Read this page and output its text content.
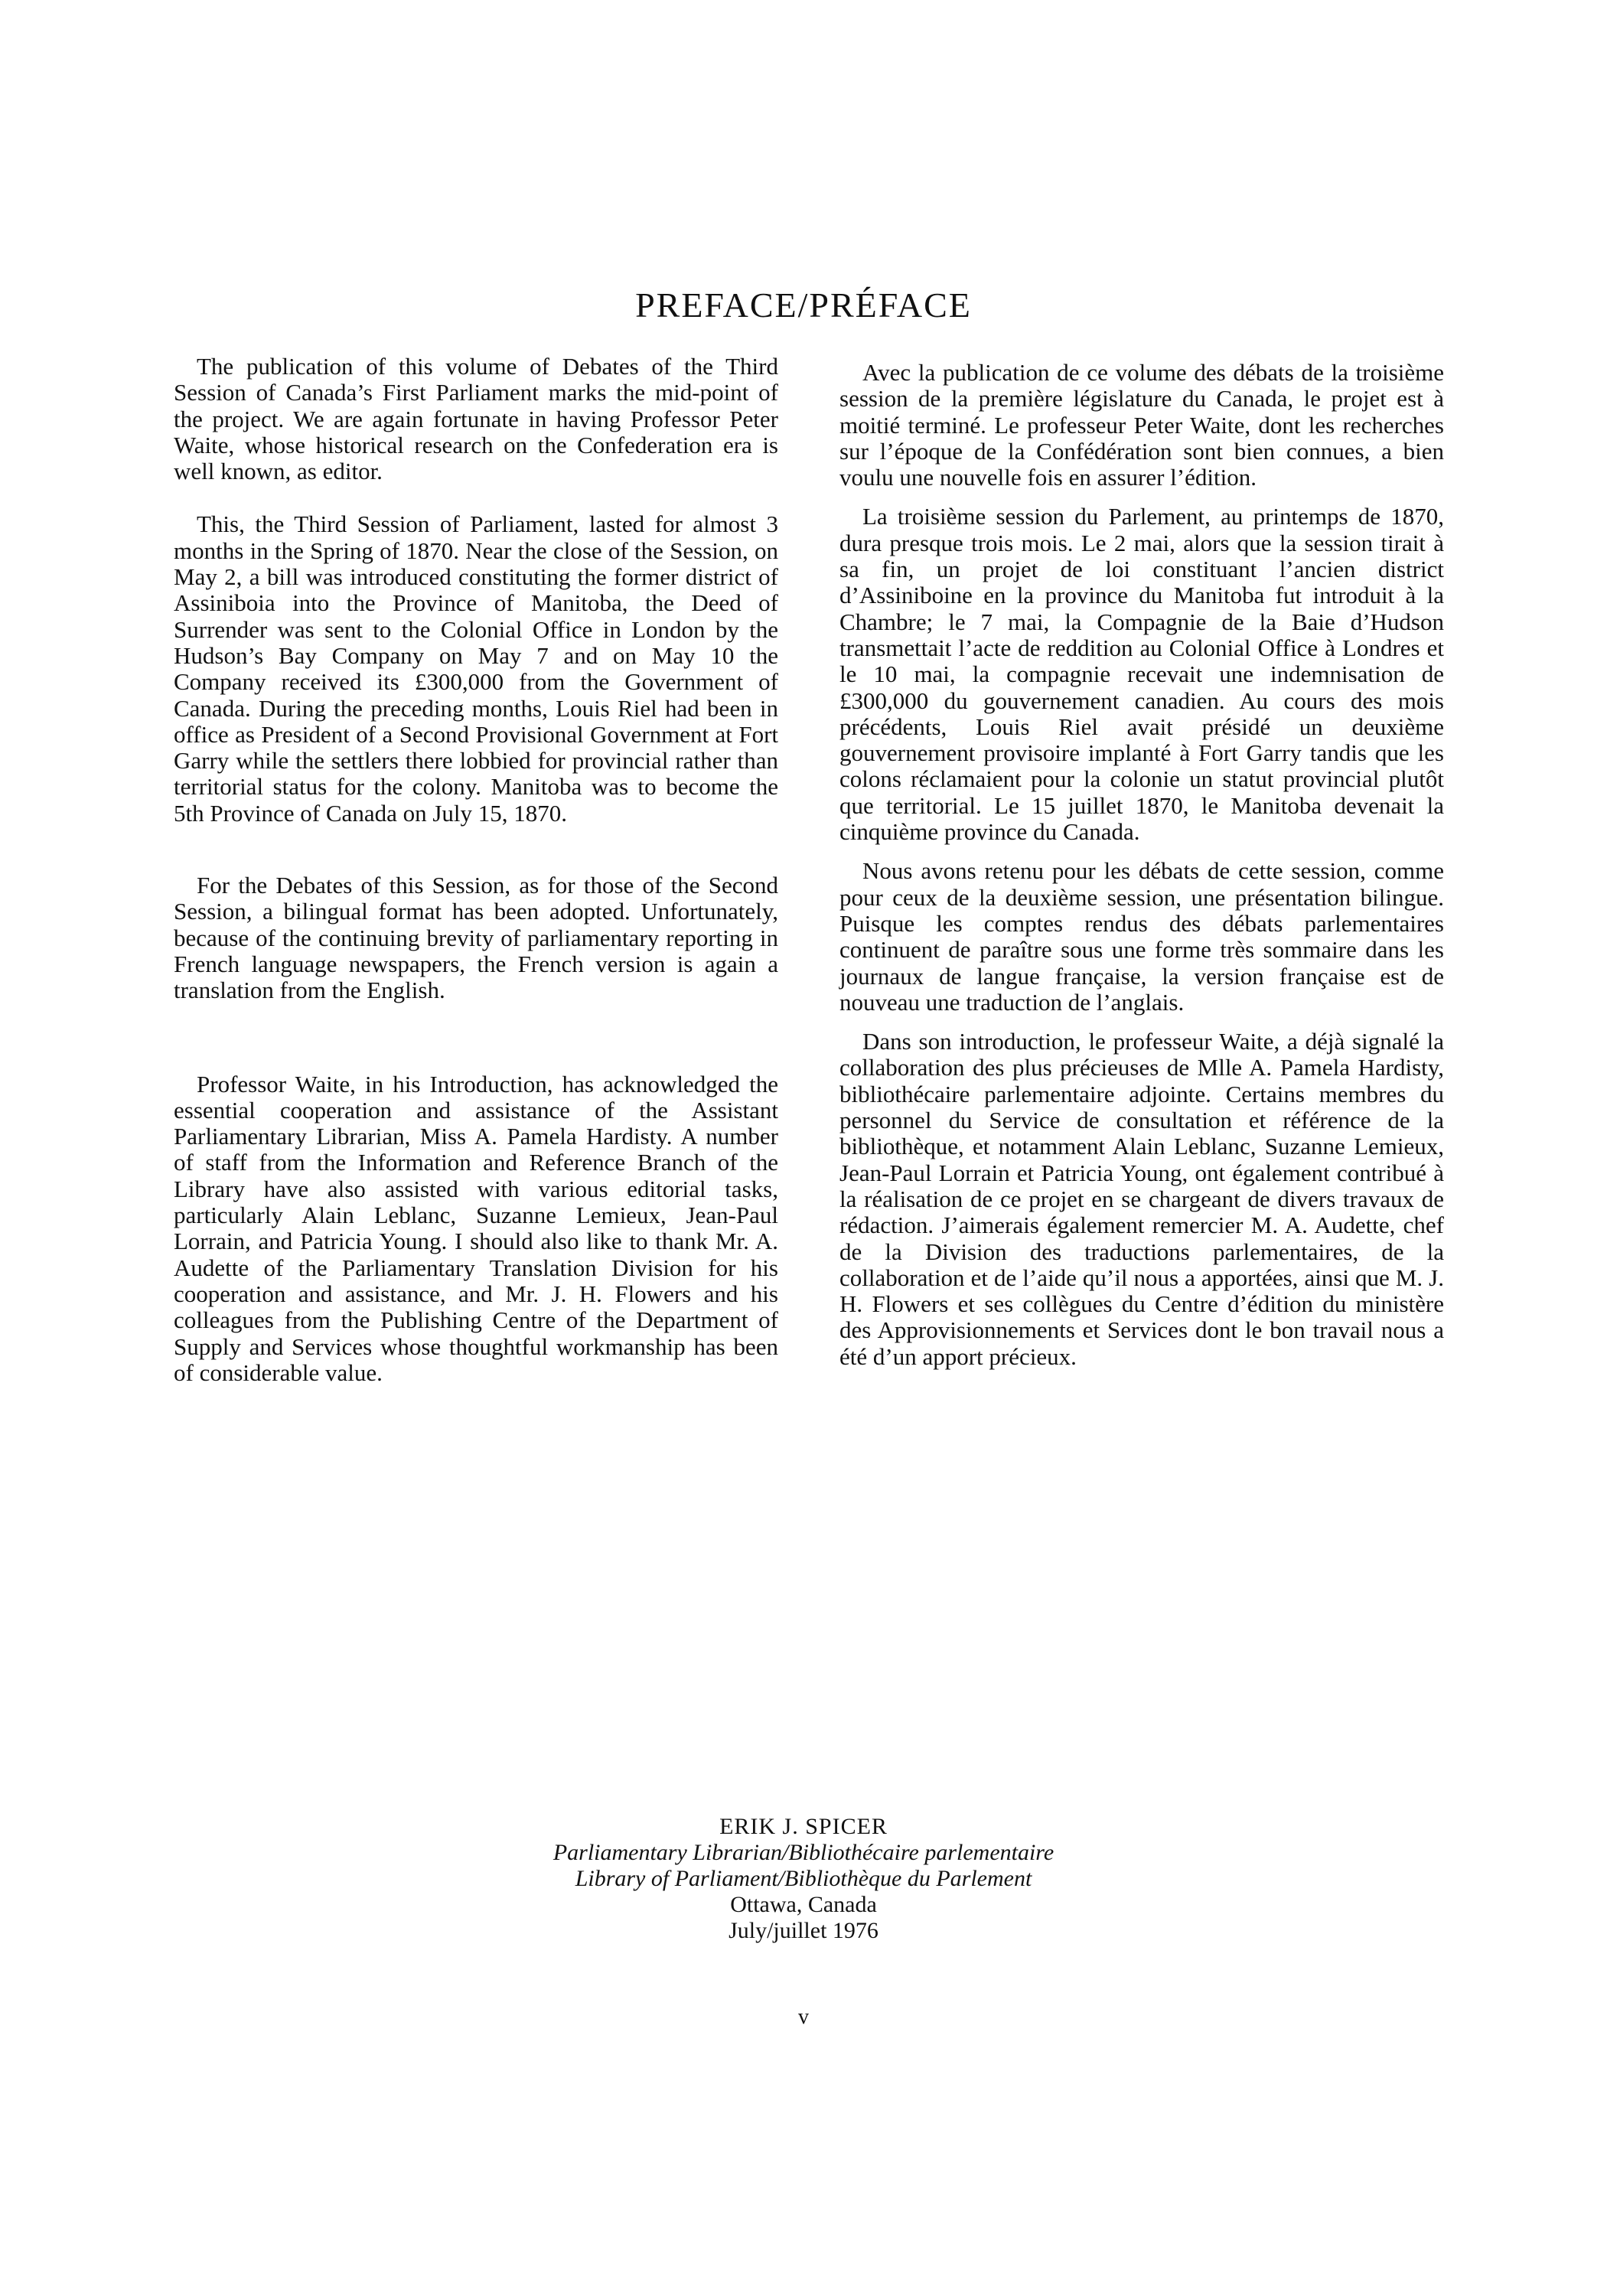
PREFACE/PRÉFACE

The publication of this volume of Debates of the Third Session of Canada’s First Parliament marks the mid-point of the project. We are again fortunate in having Professor Peter Waite, whose historical research on the Confederation era is well known, as editor.

This, the Third Session of Parliament, lasted for almost 3 months in the Spring of 1870. Near the close of the Session, on May 2, a bill was introduced constituting the former district of Assiniboia into the Province of Manitoba, the Deed of Surrender was sent to the Colonial Office in London by the Hudson’s Bay Company on May 7 and on May 10 the Company received its £300,000 from the Government of Canada. During the preceding months, Louis Riel had been in office as President of a Second Provisional Government at Fort Garry while the settlers there lobbied for provincial rather than territorial status for the colony. Manitoba was to become the 5th Province of Canada on July 15, 1870.

For the Debates of this Session, as for those of the Second Session, a bilingual format has been adopted. Unfortunately, because of the continuing brevity of parliamentary reporting in French language newspapers, the French version is again a translation from the English.

Professor Waite, in his Introduction, has acknowledged the essential cooperation and assistance of the Assistant Parliamentary Librarian, Miss A. Pamela Hardisty. A number of staff from the Information and Reference Branch of the Library have also assisted with various editorial tasks, particularly Alain Leblanc, Suzanne Lemieux, Jean-Paul Lorrain, and Patricia Young. I should also like to thank Mr. A. Audette of the Parliamentary Translation Division for his cooperation and assistance, and Mr. J. H. Flowers and his colleagues from the Publishing Centre of the Department of Supply and Services whose thoughtful workmanship has been of considerable value.

Avec la publication de ce volume des débats de la troisième session de la première législature du Canada, le projet est à moitié terminé. Le professeur Peter Waite, dont les recherches sur l’époque de la Confédération sont bien connues, a bien voulu une nouvelle fois en assurer l’édition.

La troisième session du Parlement, au printemps de 1870, dura presque trois mois. Le 2 mai, alors que la session tirait à sa fin, un projet de loi constituant l’ancien district d’Assiniboine en la province du Manitoba fut introduit à la Chambre; le 7 mai, la Compagnie de la Baie d’Hudson transmettait l’acte de reddition au Colonial Office à Londres et le 10 mai, la compagnie recevait une indemnisation de £300,000 du gouvernement canadien. Au cours des mois précédents, Louis Riel avait présidé un deuxième gouvernement provisoire implanté à Fort Garry tandis que les colons réclamaient pour la colonie un statut provincial plutôt que territorial. Le 15 juillet 1870, le Manitoba devenait la cinquième province du Canada.

Nous avons retenu pour les débats de cette session, comme pour ceux de la deuxième session, une présentation bilingue. Puisque les comptes rendus des débats parlementaires continuent de paraître sous une forme très sommaire dans les journaux de langue française, la version française est de nouveau une traduction de l’anglais.

Dans son introduction, le professeur Waite, a déjà signalé la collaboration des plus précieuses de Mlle A. Pamela Hardisty, bibliothécaire parlementaire adjointe. Certains membres du personnel du Service de consultation et référence de la bibliothèque, et notamment Alain Leblanc, Suzanne Lemieux, Jean-Paul Lorrain et Patricia Young, ont également contribué à la réalisation de ce projet en se chargeant de divers travaux de rédaction. J’aimerais également remercier M. A. Audette, chef de la Division des traductions parlementaires, de la collaboration et de l’aide qu’il nous a apportées, ainsi que M. J. H. Flowers et ses collègues du Centre d’édition du ministère des Approvisionnements et Services dont le bon travail nous a été d’un apport précieux.

ERIK J. SPICER
Parliamentary Librarian/Bibliothécaire parlementaire
Library of Parliament/Bibliothèque du Parlement
Ottawa, Canada
July/juillet 1976
v
